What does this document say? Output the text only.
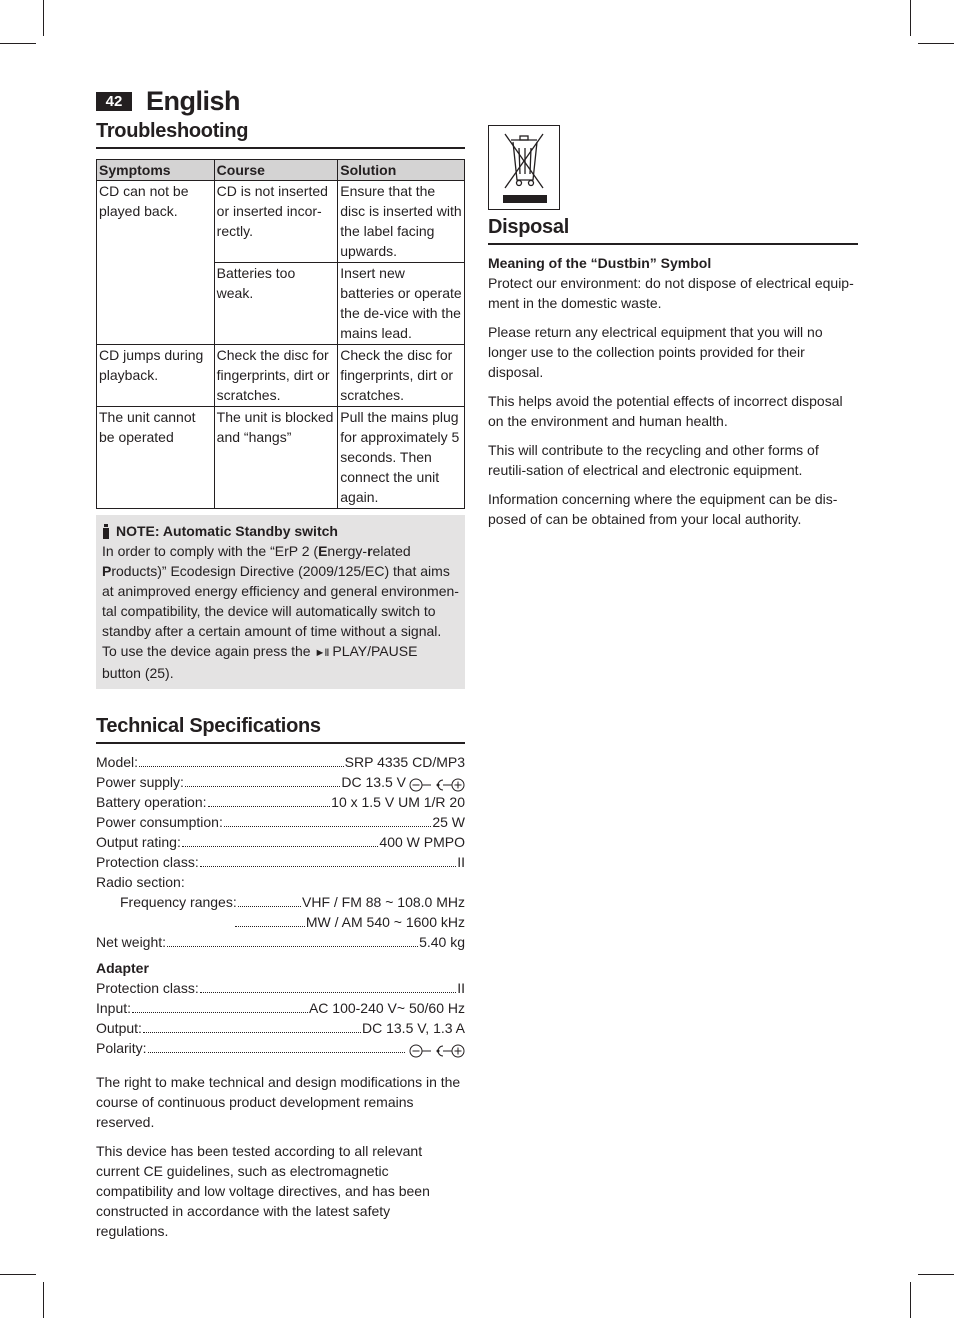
42 English
Troubleshooting
Symptoms	Course	Solution
CD can not be played back.	CD is not inserted or inserted incor-rectly.	Ensure that the disc is inserted with the label facing upwards.
	Batteries too weak.	Insert new batteries or operate the de-vice with the mains lead.
CD jumps during playback.	Check the disc for fingerprints, dirt or scratches.	Check the disc for fingerprints, dirt or scratches.
The unit cannot be operated	The unit is blocked and “hangs”	Pull the mains plug for approximately 5 seconds. Then connect the unit again.
NOTE: Automatic Standby switch

In order to comply with the “ErP 2 (Energy-related Products)” Ecodesign Directive (2009/125/EC) that aims at animproved energy efficiency and general environmen-tal compatibility, the device will automatically switch to standby after a certain amount of time without a signal. To use the device again press the ►II PLAY/PAUSE button (25).

Technical Specifications
Model:	SRP 4335 CD/MP3
Power supply:	DC 13.5 V
Battery operation:	10 x 1.5 V UM 1/R 20
Power consumption:	25 W
Output rating:	400 W PMPO
Protection class:	II
Radio section:
Frequency ranges:	VHF / FM 88 ~ 108.0 MHz
MW / AM 540 ~ 1600 kHz
Net weight:	5.40 kg
Adapter
Protection class:	II
Input:	AC 100-240 V~ 50/60 Hz
Output:	DC 13.5 V, 1.3 A
Polarity:

The right to make technical and design modifications in the course of continuous product development remains reserved.

This device has been tested according to all relevant current CE guidelines, such as electromagnetic compatibility and low voltage directives, and has been constructed in accordance with the latest safety regulations.

Disposal
Meaning of the “Dustbin” Symbol

Protect our environment: do not dispose of electrical equip-ment in the domestic waste.

Please return any electrical equipment that you will no longer use to the collection points provided for their disposal.

This helps avoid the potential effects of incorrect disposal on the environment and human health.

This will contribute to the recycling and other forms of reutili-sation of electrical and electronic equipment.

Information concerning where the equipment can be dis-posed of can be obtained from your local authority.
